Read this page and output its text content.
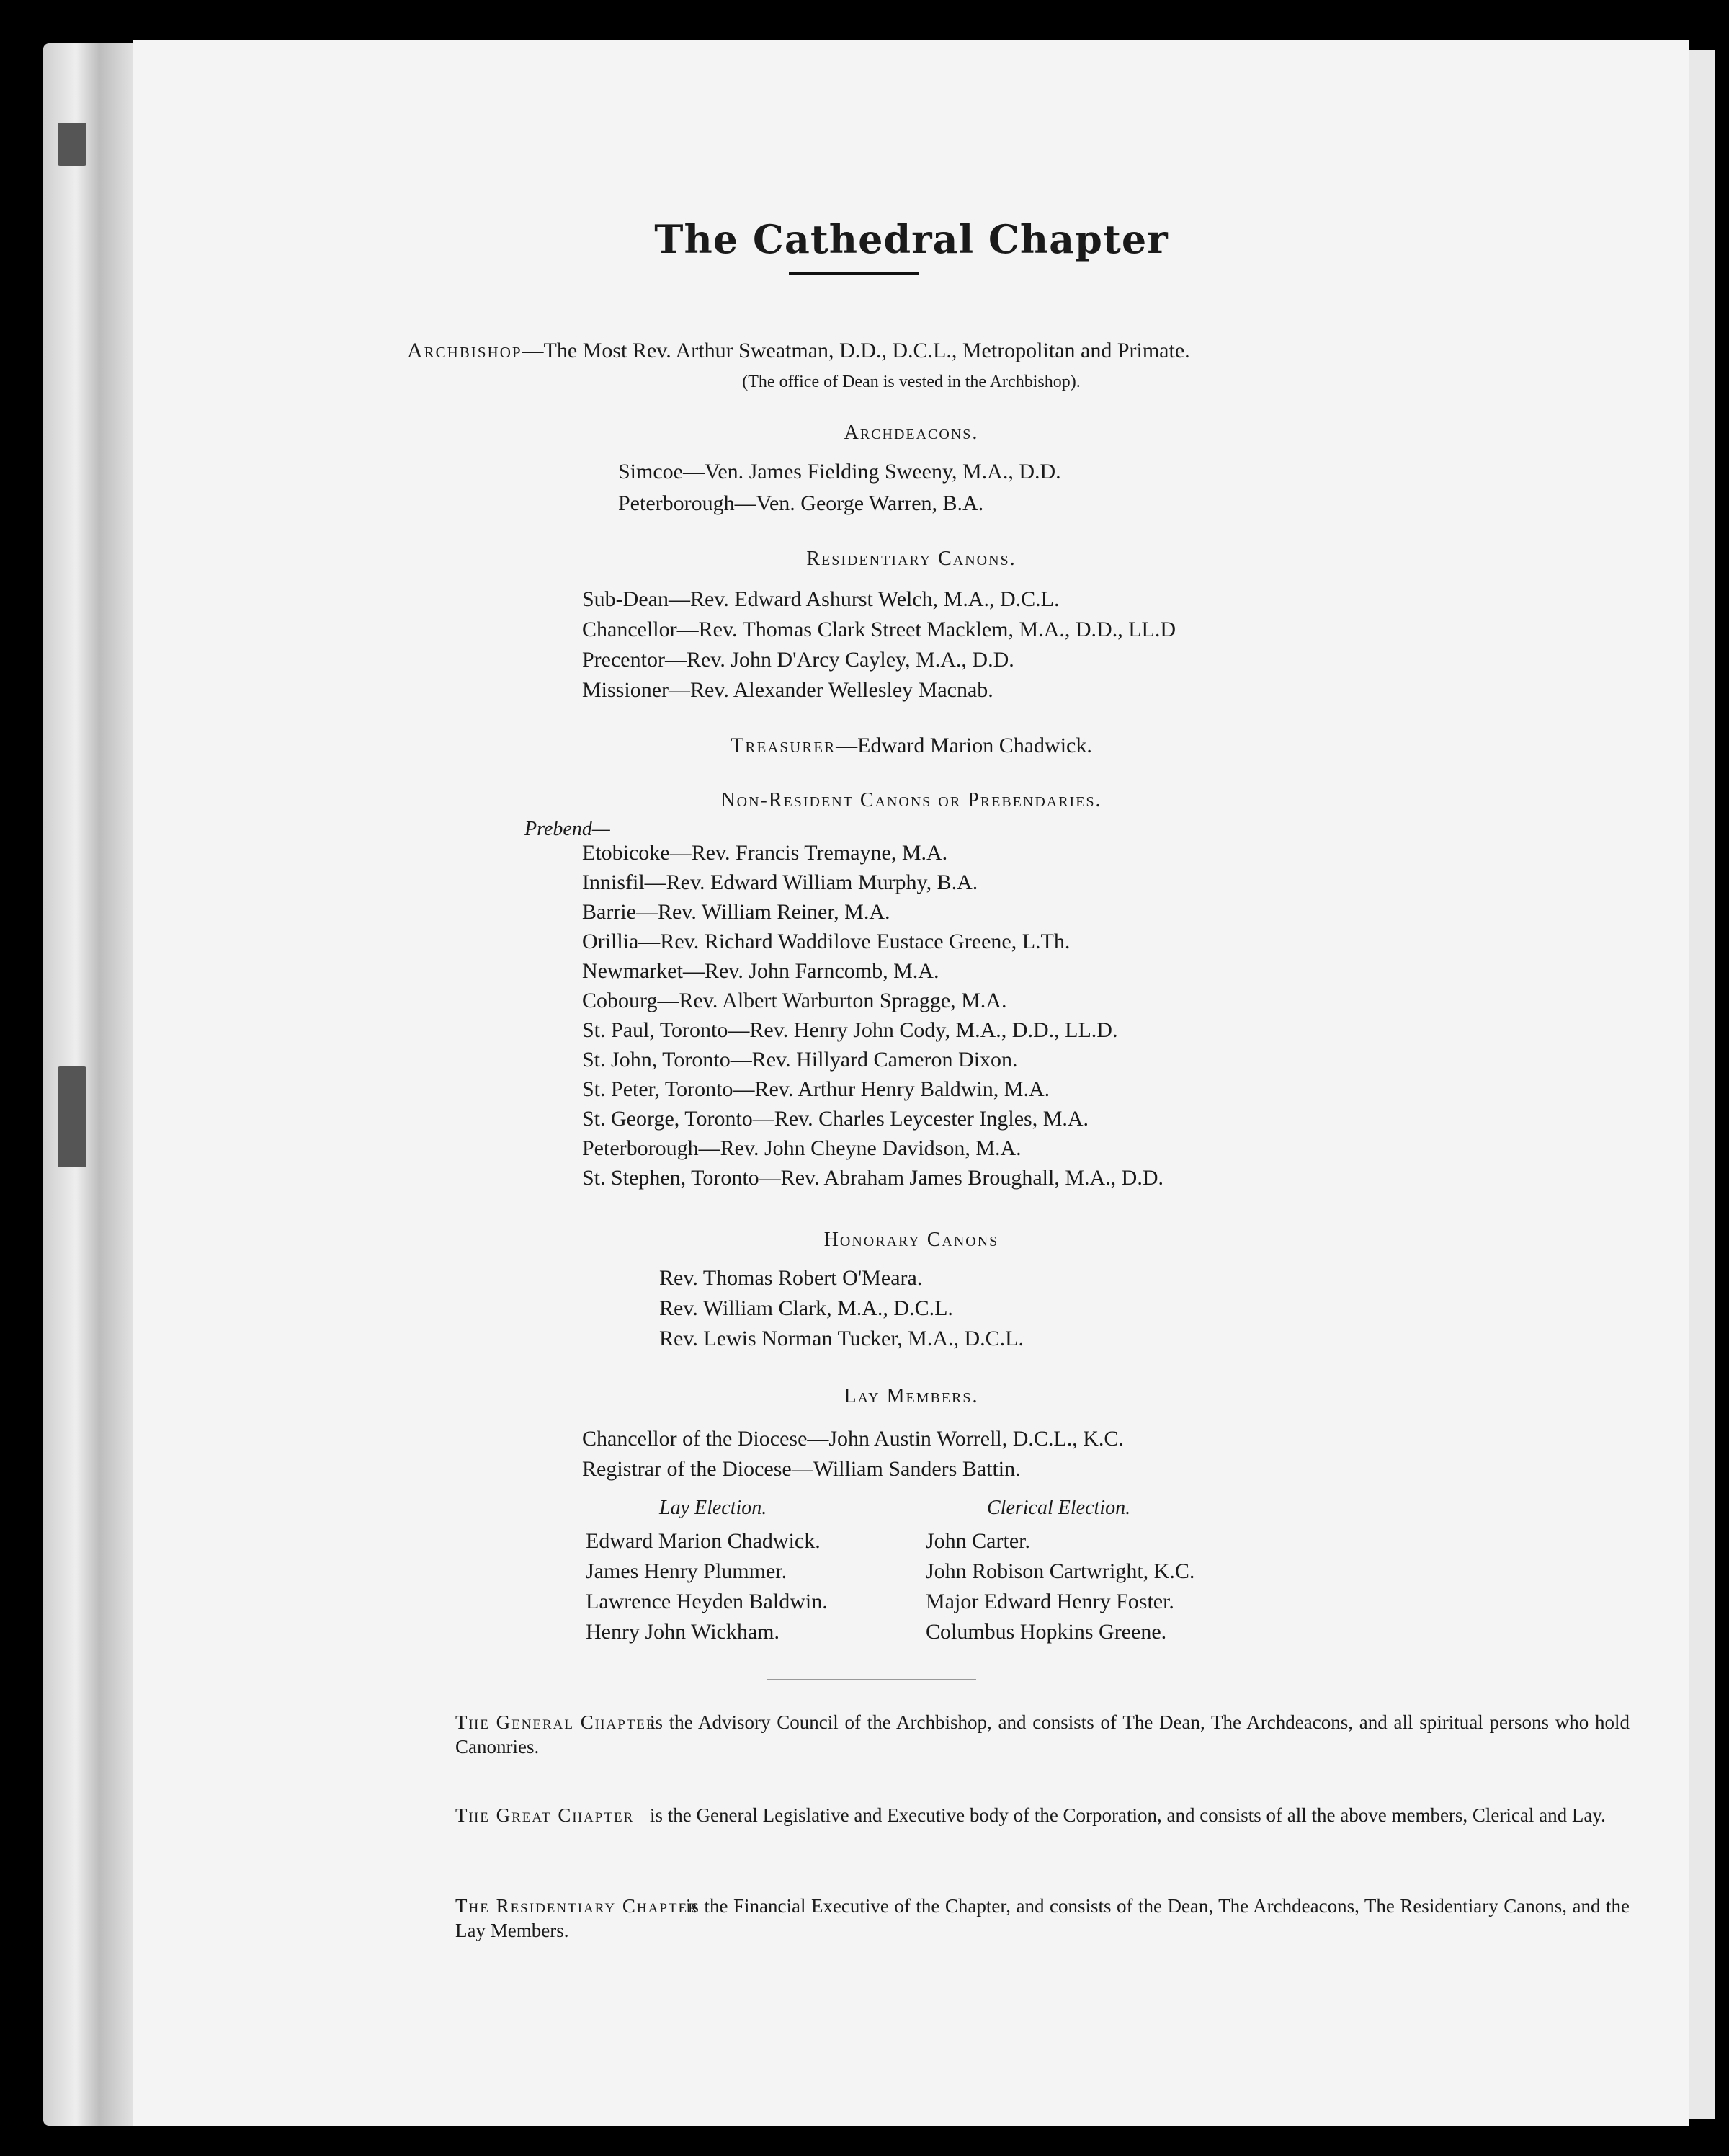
The Cathedral Chapter
Archbishop—The Most Rev. Arthur Sweatman, D.D., D.C.L., Metropolitan and Primate.
(The office of Dean is vested in the Archbishop).
Archdeacons.
Simcoe—Ven. James Fielding Sweeny, M.A., D.D.
Peterborough—Ven. George Warren, B.A.
Residentiary Canons.
Sub-Dean—Rev. Edward Ashurst Welch, M.A., D.C.L.
Chancellor—Rev. Thomas Clark Street Macklem, M.A., D.D., LL.D
Precentor—Rev. John D'Arcy Cayley, M.A., D.D.
Missioner—Rev. Alexander Wellesley Macnab.
Treasurer—Edward Marion Chadwick.
Non-Resident Canons or Prebendaries.
Prebend—
Etobicoke—Rev. Francis Tremayne, M.A.
Innisfil—Rev. Edward William Murphy, B.A.
Barrie—Rev. William Reiner, M.A.
Orillia—Rev. Richard Waddilove Eustace Greene, L.Th.
Newmarket—Rev. John Farncomb, M.A.
Cobourg—Rev. Albert Warburton Spragge, M.A.
St. Paul, Toronto—Rev. Henry John Cody, M.A., D.D., LL.D.
St. John, Toronto—Rev. Hillyard Cameron Dixon.
St. Peter, Toronto—Rev. Arthur Henry Baldwin, M.A.
St. George, Toronto—Rev. Charles Leycester Ingles, M.A.
Peterborough—Rev. John Cheyne Davidson, M.A.
St. Stephen, Toronto—Rev. Abraham James Broughall, M.A., D.D.
Honorary Canons
Rev. Thomas Robert O'Meara.
Rev. William Clark, M.A., D.C.L.
Rev. Lewis Norman Tucker, M.A., D.C.L.
Lay Members.
Chancellor of the Diocese—John Austin Worrell, D.C.L., K.C.
Registrar of the Diocese—William Sanders Battin.
Lay Election.	Clerical Election.
Edward Marion Chadwick.
James Henry Plummer.
Lawrence Heyden Baldwin.
Henry John Wickham.
John Carter.
John Robison Cartwright, K.C.
Major Edward Henry Foster.
Columbus Hopkins Greene.
The General Chapter
is the Advisory Council of the Archbishop, and consists of The Dean, The Archdeacons, and all spiritual persons who hold Canonries.
The Great Chapter is the General Legislative and Executive body of the Corporation, and consists of all the above members, Clerical and Lay.
The Residentiary Chapter
is the Financial Executive of the Chapter, and consists of the Dean, The Archdeacons, The Residentiary Canons, and the Lay Members.
